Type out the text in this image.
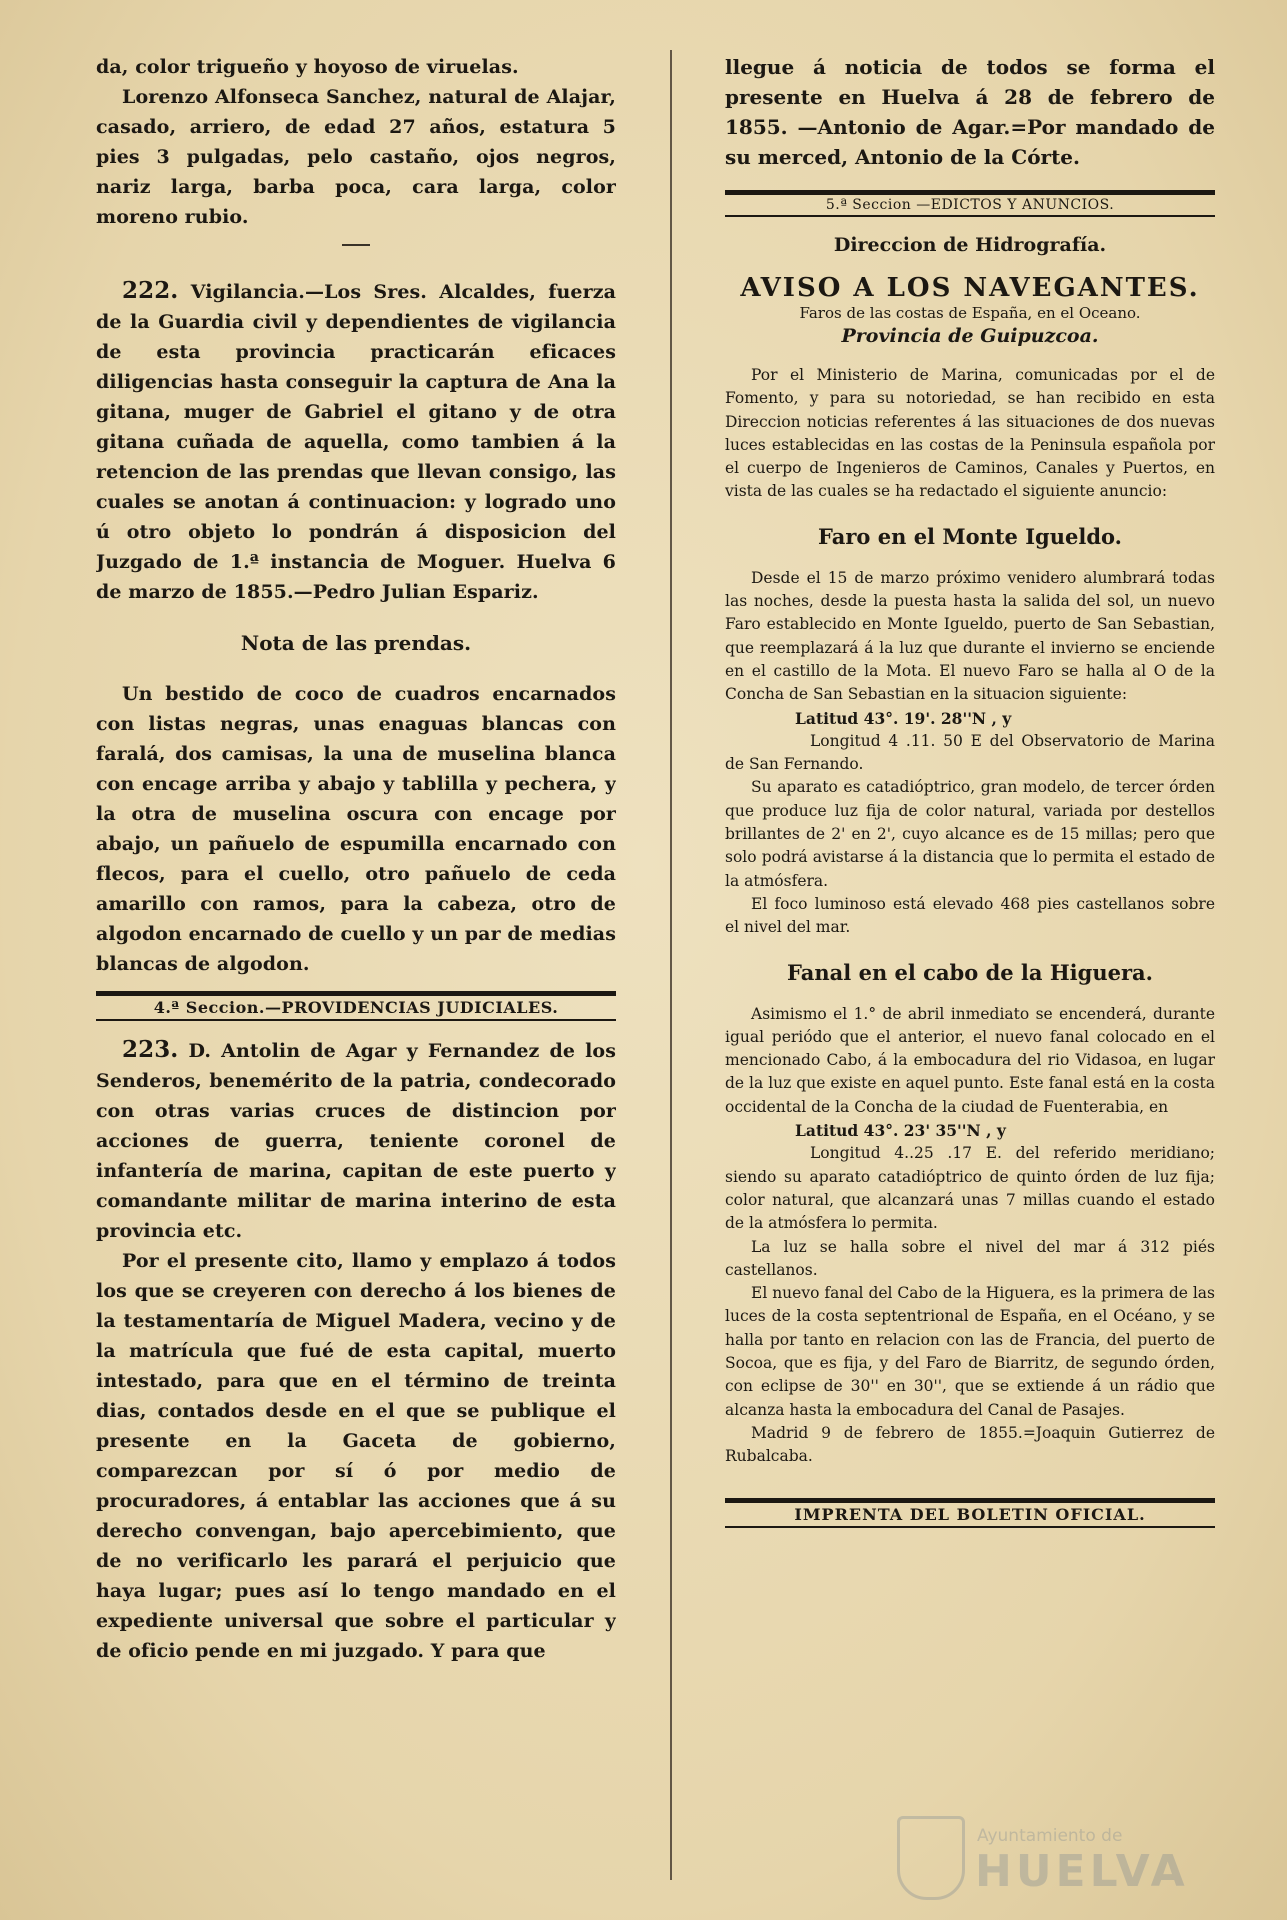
da, color trigueño y hoyoso de viruelas.

Lorenzo Alfonseca Sanchez, natural de Alajar, casado, arriero, de edad 27 años, estatura 5 pies 3 pulgadas, pelo castaño, ojos negros, nariz larga, barba poca, cara larga, color moreno rubio.

222. Vigilancia.—Los Sres. Alcaldes, fuerza de la Guardia civil y dependientes de vigilancia de esta provincia practicarán eficaces diligencias hasta conseguir la captura de Ana la gitana, muger de Gabriel el gitano y de otra gitana cuñada de aquella, como tambien á la retencion de las prendas que llevan consigo, las cuales se anotan á continuacion: y logrado uno ú otro objeto lo pondrán á disposicion del Juzgado de 1.ª instancia de Moguer. Huelva 6 de marzo de 1855.—Pedro Julian Espariz.

Nota de las prendas.

Un bestido de coco de cuadros encarnados con listas negras, unas enaguas blancas con faralá, dos camisas, la una de muselina blanca con encage arriba y abajo y tablilla y pechera, y la otra de muselina oscura con encage por abajo, un pañuelo de espumilla encarnado con flecos, para el cuello, otro pañuelo de ceda amarillo con ramos, para la cabeza, otro de algodon encarnado de cuello y un par de medias blancas de algodon.

4.ª Seccion.—PROVIDENCIAS JUDICIALES.

223. D. Antolin de Agar y Fernandez de los Senderos, benemérito de la patria, condecorado con otras varias cruces de distincion por acciones de guerra, teniente coronel de infantería de marina, capitan de este puerto y comandante militar de marina interino de esta provincia etc.

Por el presente cito, llamo y emplazo á todos los que se creyeren con derecho á los bienes de la testamentaría de Miguel Madera, vecino y de la matrícula que fué de esta capital, muerto intestado, para que en el término de treinta dias, contados desde en el que se publique el presente en la Gaceta de gobierno, comparezcan por sí ó por medio de procuradores, á entablar las acciones que á su derecho convengan, bajo apercebimiento, que de no verificarlo les parará el perjuicio que haya lugar; pues así lo tengo mandado en el expediente universal que sobre el particular y de oficio pende en mi juzgado. Y para que

llegue á noticia de todos se forma el presente en Huelva á 28 de febrero de 1855. —Antonio de Agar.=Por mandado de su merced, Antonio de la Córte.

5.ª Seccion —EDICTOS Y ANUNCIOS.
Direccion de Hidrografía.
AVISO A LOS NAVEGANTES.
Faros de las costas de España, en el Oceano.
Provincia de Guipuzcoa.

Por el Ministerio de Marina, comunicadas por el de Fomento, y para su notoriedad, se han recibido en esta Direccion noticias referentes á las situaciones de dos nuevas luces establecidas en las costas de la Peninsula española por el cuerpo de Ingenieros de Caminos, Canales y Puertos, en vista de las cuales se ha redactado el siguiente anuncio:

Faro en el Monte Igueldo.

Desde el 15 de marzo próximo venidero alumbrará todas las noches, desde la puesta hasta la salida del sol, un nuevo Faro establecido en Monte Igueldo, puerto de San Sebastian, que reemplazará á la luz que durante el invierno se enciende en el castillo de la Mota. El nuevo Faro se halla al O de la Concha de San Sebastian en la situacion siguiente:

Latitud 43°. 19'. 28''N , y

Longitud 4 .11. 50 E del Observatorio de Marina de San Fernando.

Su aparato es catadióptrico, gran modelo, de tercer órden que produce luz fija de color natural, variada por destellos brillantes de 2' en 2', cuyo alcance es de 15 millas; pero que solo podrá avistarse á la distancia que lo permita el estado de la atmósfera.

El foco luminoso está elevado 468 pies castellanos sobre el nivel del mar.

Fanal en el cabo de la Higuera.

Asimismo el 1.° de abril inmediato se encenderá, durante igual periódo que el anterior, el nuevo fanal colocado en el mencionado Cabo, á la embocadura del rio Vidasoa, en lugar de la luz que existe en aquel punto. Este fanal está en la costa occidental de la Concha de la ciudad de Fuenterabia, en

Latitud 43°. 23' 35''N , y

Longitud 4..25 .17 E. del referido meridiano; siendo su aparato catadióptrico de quinto órden de luz fija; color natural, que alcanzará unas 7 millas cuando el estado de la atmósfera lo permita.

La luz se halla sobre el nivel del mar á 312 piés castellanos.

El nuevo fanal del Cabo de la Higuera, es la primera de las luces de la costa septentrional de España, en el Océano, y se halla por tanto en relacion con las de Francia, del puerto de Socoa, que es fija, y del Faro de Biarritz, de segundo órden, con eclipse de 30'' en 30'', que se extiende á un rádio que alcanza hasta la embocadura del Canal de Pasajes.

Madrid 9 de febrero de 1855.=Joaquin Gutierrez de Rubalcaba.

IMPRENTA DEL BOLETIN OFICIAL.
Ayuntamiento de
HUELVA
